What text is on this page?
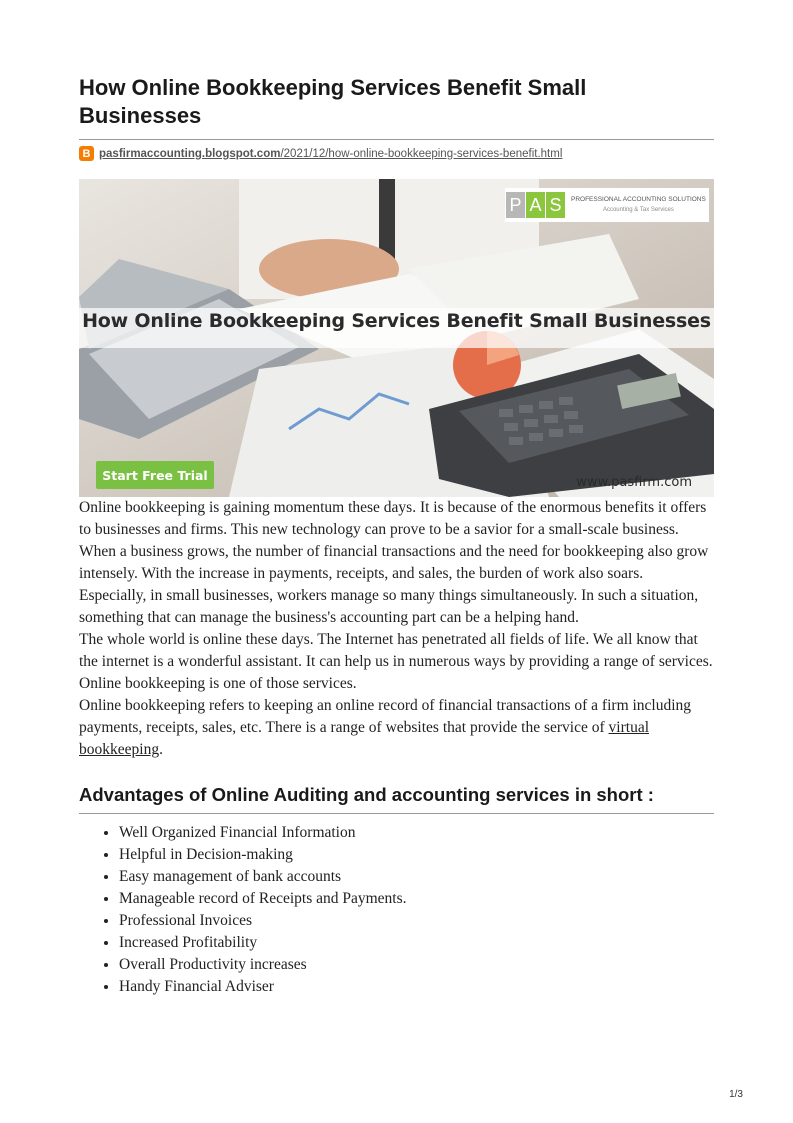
How Online Bookkeeping Services Benefit Small Businesses
B pasfirmaccounting.blogspot.com/2021/12/how-online-bookkeeping-services-benefit.html
How Online Bookkeeping Services Benefit Small Businesses
P A S	PROFESSIONAL ACCOUNTING SOLUTIONS
Accounting & Tax Services
Start Free Trial	www.pasfirm.com

Online bookkeeping is gaining momentum these days. It is because of the enormous benefits it offers to businesses and firms. This new technology can prove to be a savior for a small-scale business. When a business grows, the number of financial transactions and the need for bookkeeping also grow intensely. With the increase in payments, receipts, and sales, the burden of work also soars. Especially, in small businesses, workers manage so many things simultaneously. In such a situation, something that can manage the business's accounting part can be a helping hand.
The whole world is online these days. The Internet has penetrated all fields of life. We all know that the internet is a wonderful assistant. It can help us in numerous ways by providing a range of services. Online bookkeeping is one of those services.

Online bookkeeping refers to keeping an online record of financial transactions of a firm including payments, receipts, sales, etc. There is a range of websites that provide the service of virtual bookkeeping.

Advantages of Online Auditing and accounting services in short :
• Well Organized Financial Information
• Helpful in Decision-making
• Easy management of bank accounts
• Manageable record of Receipts and Payments.
• Professional Invoices
• Increased Profitability
• Overall Productivity increases
• Handy Financial Adviser
1/3
